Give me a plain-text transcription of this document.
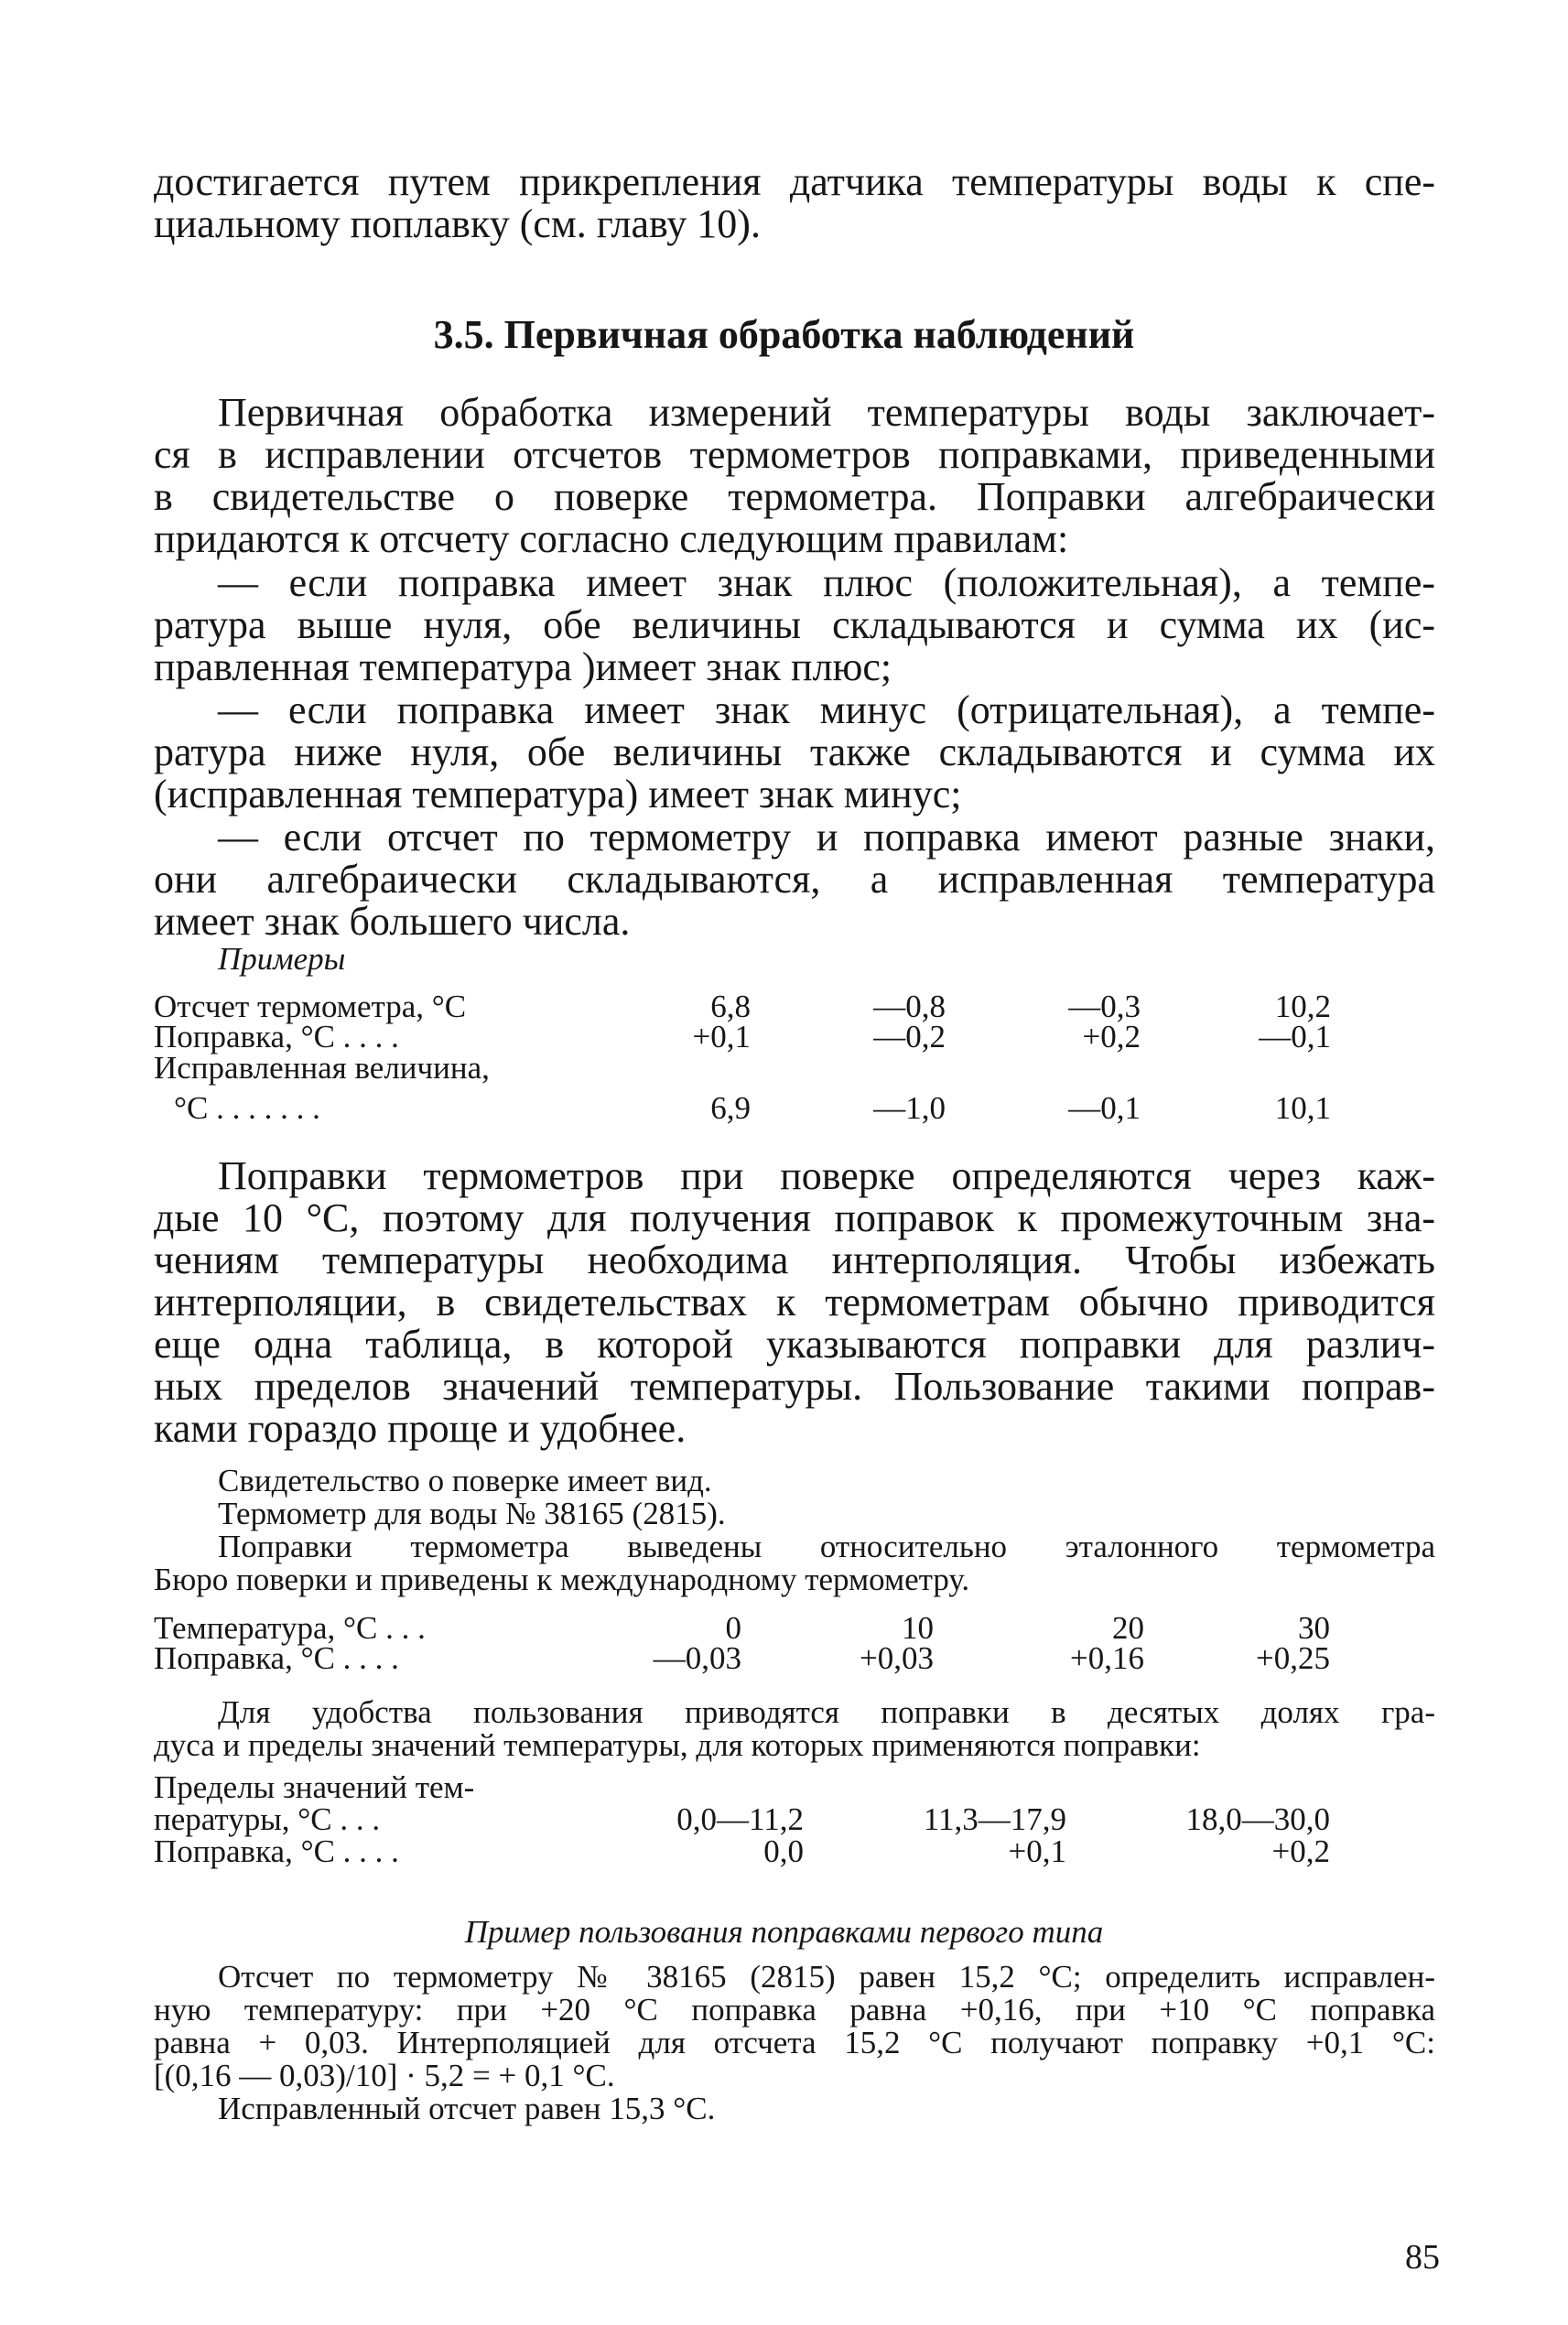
достигается путем прикрепления датчика температуры воды к спе-
циальному поплавку (см. главу 10).
3.5. Первичная обработка наблюдений
Первичная обработка измерений температуры воды заключает-
ся в исправлении отсчетов термометров поправками, приведенными
в свидетельстве о поверке термометра. Поправки алгебраически
придаются к отсчету согласно следующим правилам:
— если поправка имеет знак плюс (положительная), а темпе-
ратура выше нуля, обе величины складываются и сумма их (ис-
правленная температура )имеет знак плюс;
— если поправка имеет знак минус (отрицательная), а темпе-
ратура ниже нуля, обе величины также складываются и сумма их
(исправленная температура) имеет знак минус;
— если отсчет по термометру и поправка имеют разные знаки,
они алгебраически складываются, а исправленная температура
имеет знак большего числа.
Примеры
Отсчет термометра, °С	6,8	—0,8	—0,3	10,2
Поправка, °С . . . .	+0,1	—0,2	+0,2	—0,1
Исправленная величина,
°С . . . . . . .	6,9	—1,0	—0,1	10,1
Поправки термометров при поверке определяются через каж-
дые 10 °С, поэтому для получения поправок к промежуточным зна-
чениям температуры необходима интерполяция. Чтобы избежать
интерполяции, в свидетельствах к термометрам обычно приводится
еще одна таблица, в которой указываются поправки для различ-
ных пределов значений температуры. Пользование такими поправ-
ками гораздо проще и удобнее.
Свидетельство о поверке имеет вид.
Термометр для воды № 38165 (2815).
Поправки термометра выведены относительно эталонного термометра
Бюро поверки и приведены к международному термометру.
Температура, °С . . .	0	10	20	30
Поправка, °С . . . .	—0,03	+0,03	+0,16	+0,25
Для удобства пользования приводятся поправки в десятых долях гра-
дуса и пределы значений температуры, для которых применяются поправки:
Пределы значений тем-
пературы, °С . . .	0,0—11,2	11,3—17,9	18,0—30,0
Поправка, °С . . . .	0,0	+0,1	+0,2
Пример пользования поправками первого типа
Отсчет по термометру № 38165 (2815) равен 15,2 °С; определить исправлен-
ную температуру: при +20 °С поправка равна +0,16, при +10 °С поправка
равна + 0,03. Интерполяцией для отсчета 15,2 °С получают поправку +0,1 °С:
[(0,16 — 0,03)/10] · 5,2 = + 0,1 °С.
Исправленный отсчет равен 15,3 °С.
85
